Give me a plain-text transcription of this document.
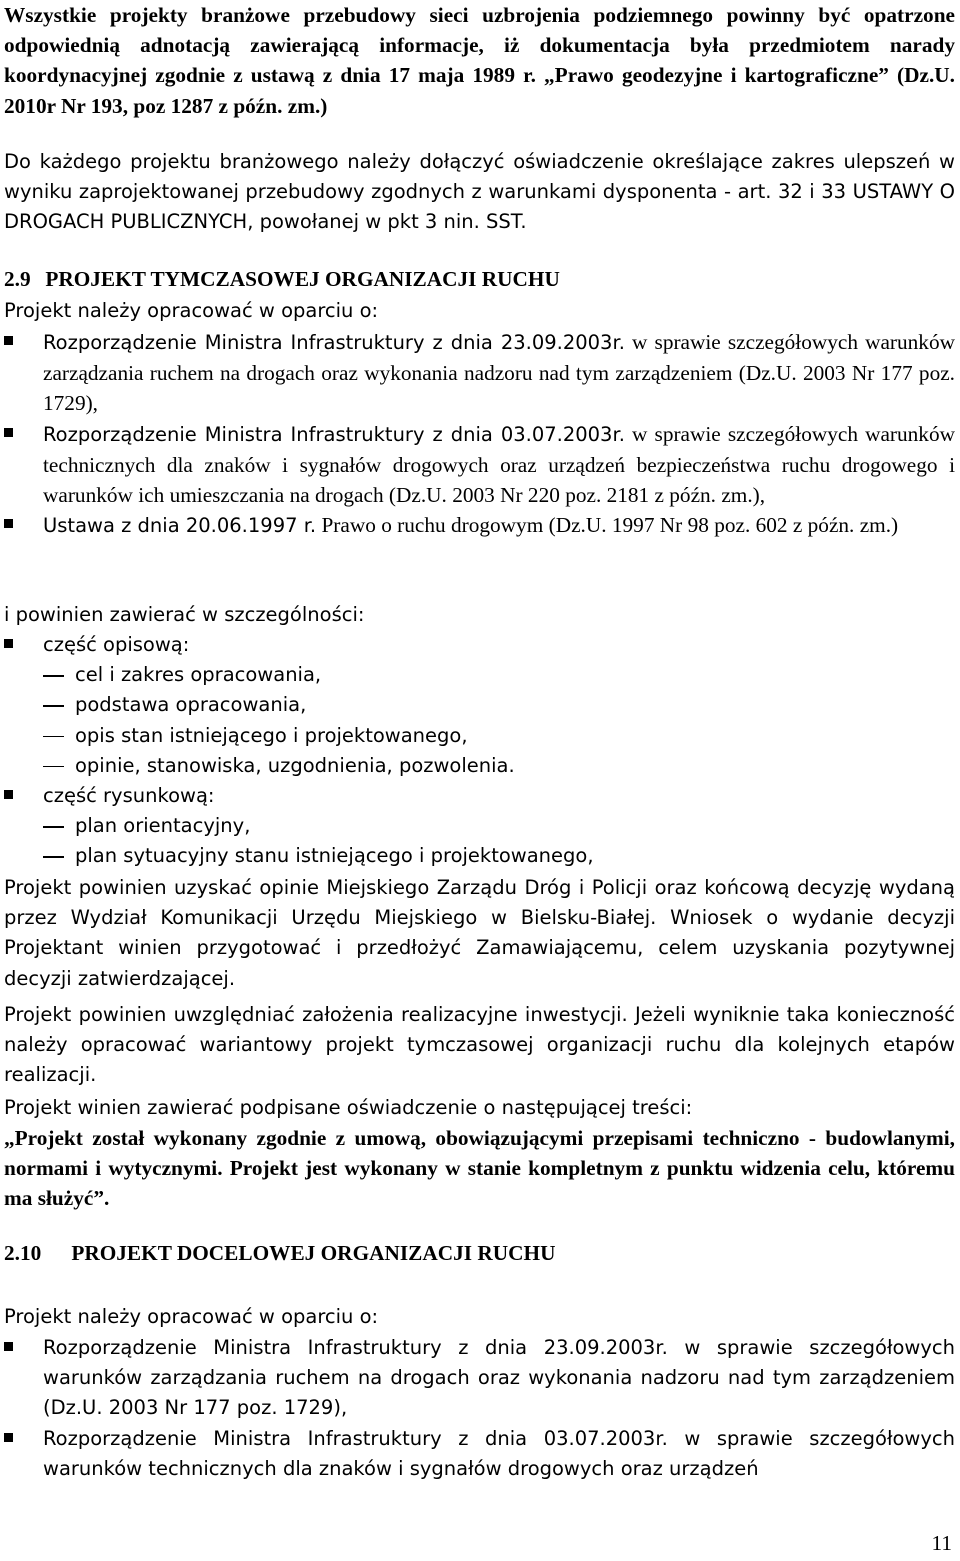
Wszystkie projekty branżowe przebudowy sieci uzbrojenia podziemnego powinny być opatrzone odpowiednią adnotacją zawierającą informacje, iż dokumentacja była przedmiotem narady koordynacyjnej zgodnie z ustawą z dnia 17 maja 1989 r. „Prawo geodezyjne i kartograficzne” (Dz.U. 2010r Nr 193, poz 1287 z późn. zm.)

Do każdego projektu branżowego należy dołączyć oświadczenie określające zakres ulepszeń w wyniku zaprojektowanej przebudowy zgodnych z warunkami dysponenta - art. 32 i 33 USTAWY O DROGACH PUBLICZNYCH, powołanej w pkt 3 nin. SST.

2.9 PROJEKT TYMCZASOWEJ ORGANIZACJI RUCHU

Projekt należy opracować w oparciu o:

Rozporządzenie Ministra Infrastruktury z dnia 23.09.2003r. w sprawie szczegółowych warunków zarządzania ruchem na drogach oraz wykonania nadzoru nad tym zarządzeniem (Dz.U. 2003 Nr 177 poz. 1729),
Rozporządzenie Ministra Infrastruktury z dnia 03.07.2003r. w sprawie szczegółowych warunków technicznych dla znaków i sygnałów drogowych oraz urządzeń bezpieczeństwa ruchu drogowego i warunków ich umieszczania na drogach (Dz.U. 2003 Nr 220 poz. 2181 z późn. zm.),
Ustawa z dnia 20.06.1997 r. Prawo o ruchu drogowym (Dz.U. 1997 Nr 98 poz. 602 z późn. zm.)

i powinien zawierać w szczególności:

część opisową:
cel i zakres opracowania,
podstawa opracowania,
opis stan istniejącego i projektowanego,
opinie, stanowiska, uzgodnienia, pozwolenia.
część rysunkową:
plan orientacyjny,
plan sytuacyjny stanu istniejącego i projektowanego,

Projekt powinien uzyskać opinie Miejskiego Zarządu Dróg i Policji oraz końcową decyzję wydaną przez Wydział Komunikacji Urzędu Miejskiego w Bielsku-Białej. Wniosek o wydanie decyzji Projektant winien przygotować i przedłożyć Zamawiającemu, celem uzyskania pozytywnej decyzji zatwierdzającej.

Projekt powinien uwzględniać założenia realizacyjne inwestycji. Jeżeli wyniknie taka konieczność należy opracować wariantowy projekt tymczasowej organizacji ruchu dla kolejnych etapów realizacji.

Projekt winien zawierać podpisane oświadczenie o następującej treści:

„Projekt został wykonany zgodnie z umową, obowiązującymi przepisami techniczno - budowlanymi, normami i wytycznymi. Projekt jest wykonany w stanie kompletnym z punktu widzenia celu, któremu ma służyć”.

2.10 PROJEKT DOCELOWEJ ORGANIZACJI RUCHU

Projekt należy opracować w oparciu o:

Rozporządzenie Ministra Infrastruktury z dnia 23.09.2003r. w sprawie szczegółowych warunków zarządzania ruchem na drogach oraz wykonania nadzoru nad tym zarządzeniem (Dz.U. 2003 Nr 177 poz. 1729),
Rozporządzenie Ministra Infrastruktury z dnia 03.07.2003r. w sprawie szczegółowych warunków technicznych dla znaków i sygnałów drogowych oraz urządzeń
11
